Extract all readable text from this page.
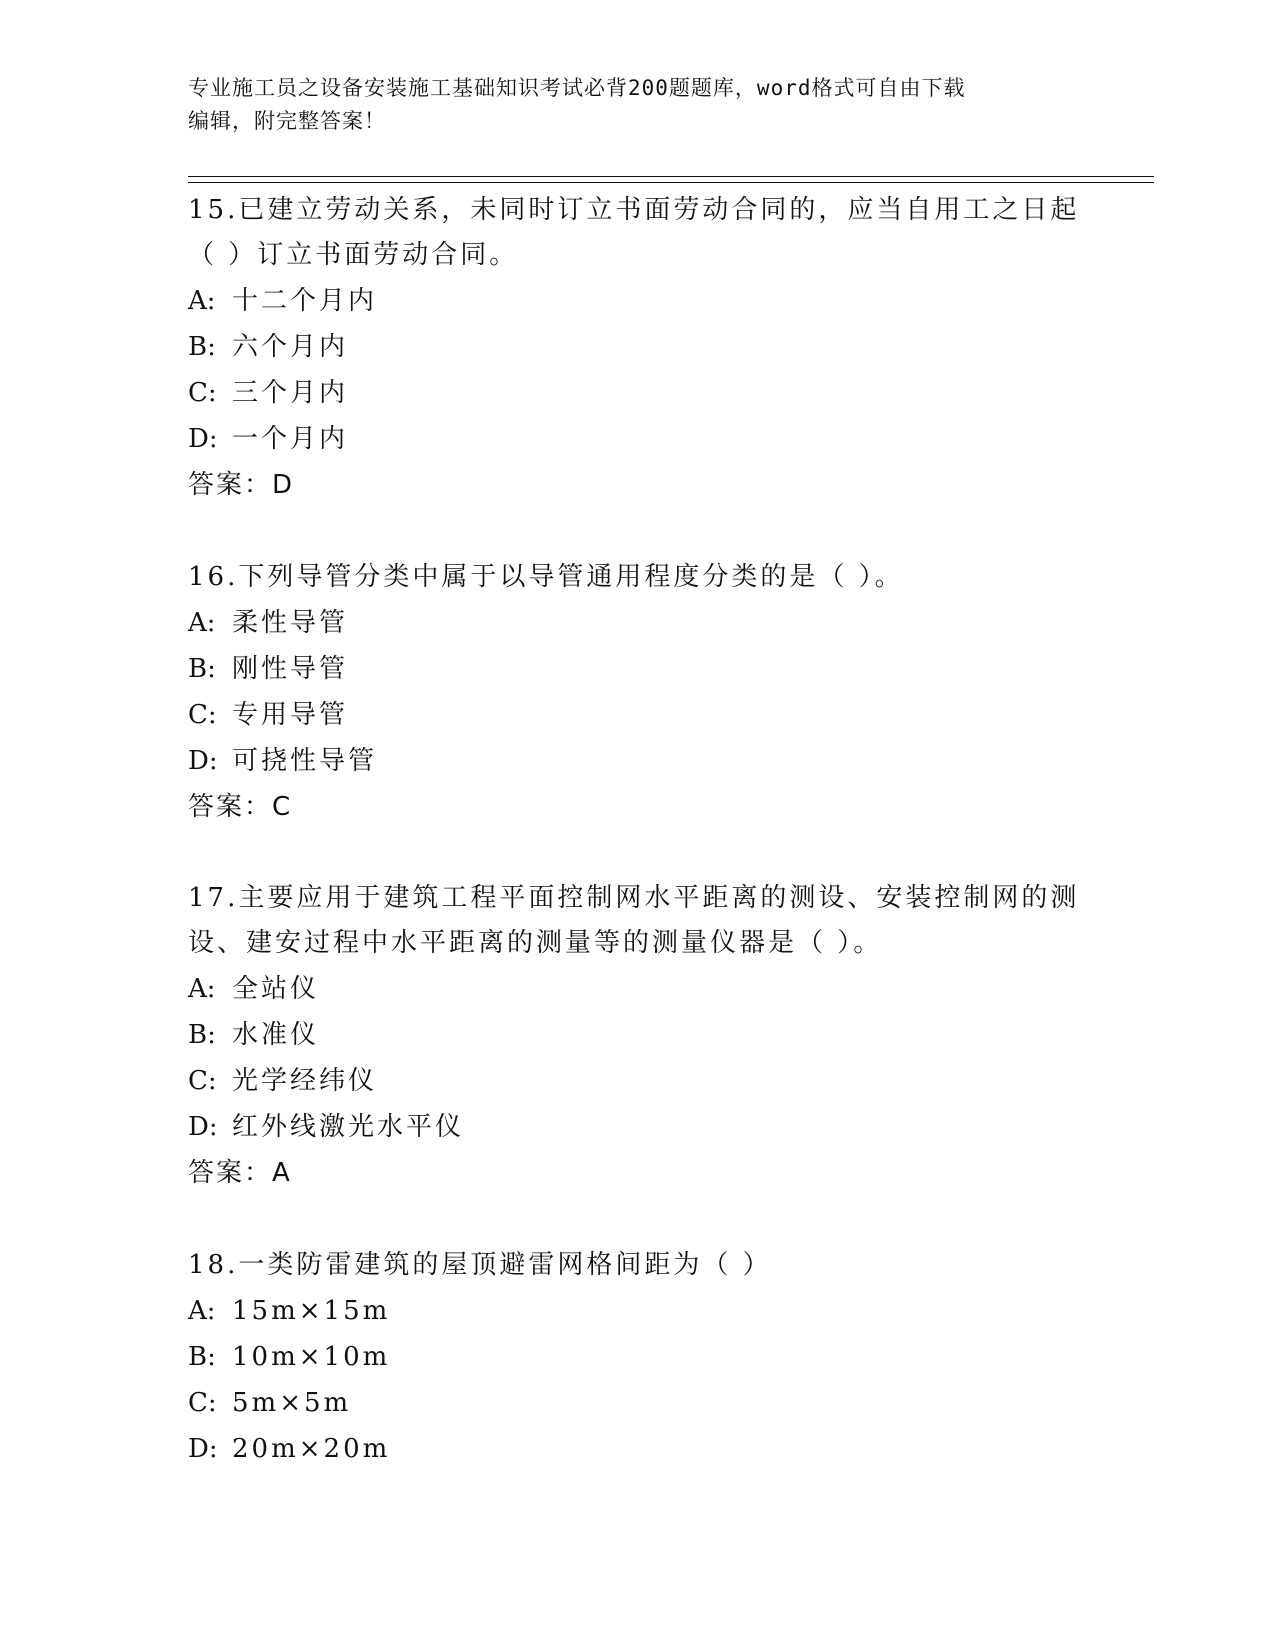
专业施工员之设备安装施工基础知识考试必背200题题库，word格式可自由下载
编辑，附完整答案！

15.已建立劳动关系，未同时订立书面劳动合同的，应当自用工之日起
（ ）订立书面劳动合同。

A: 十二个月内

B: 六个月内

C: 三个月内

D: 一个月内

答案：D

16.下列导管分类中属于以导管通用程度分类的是（ ）。

A: 柔性导管

B: 刚性导管

C: 专用导管

D: 可挠性导管

答案：C

17.主要应用于建筑工程平面控制网水平距离的测设、安装控制网的测
设、建安过程中水平距离的测量等的测量仪器是（ ）。

A: 全站仪

B: 水准仪

C: 光学经纬仪

D: 红外线激光水平仪

答案：A

18.一类防雷建筑的屋顶避雷网格间距为（ ）

A: 15m×15m

B: 10m×10m

C: 5m×5m

D: 20m×20m
